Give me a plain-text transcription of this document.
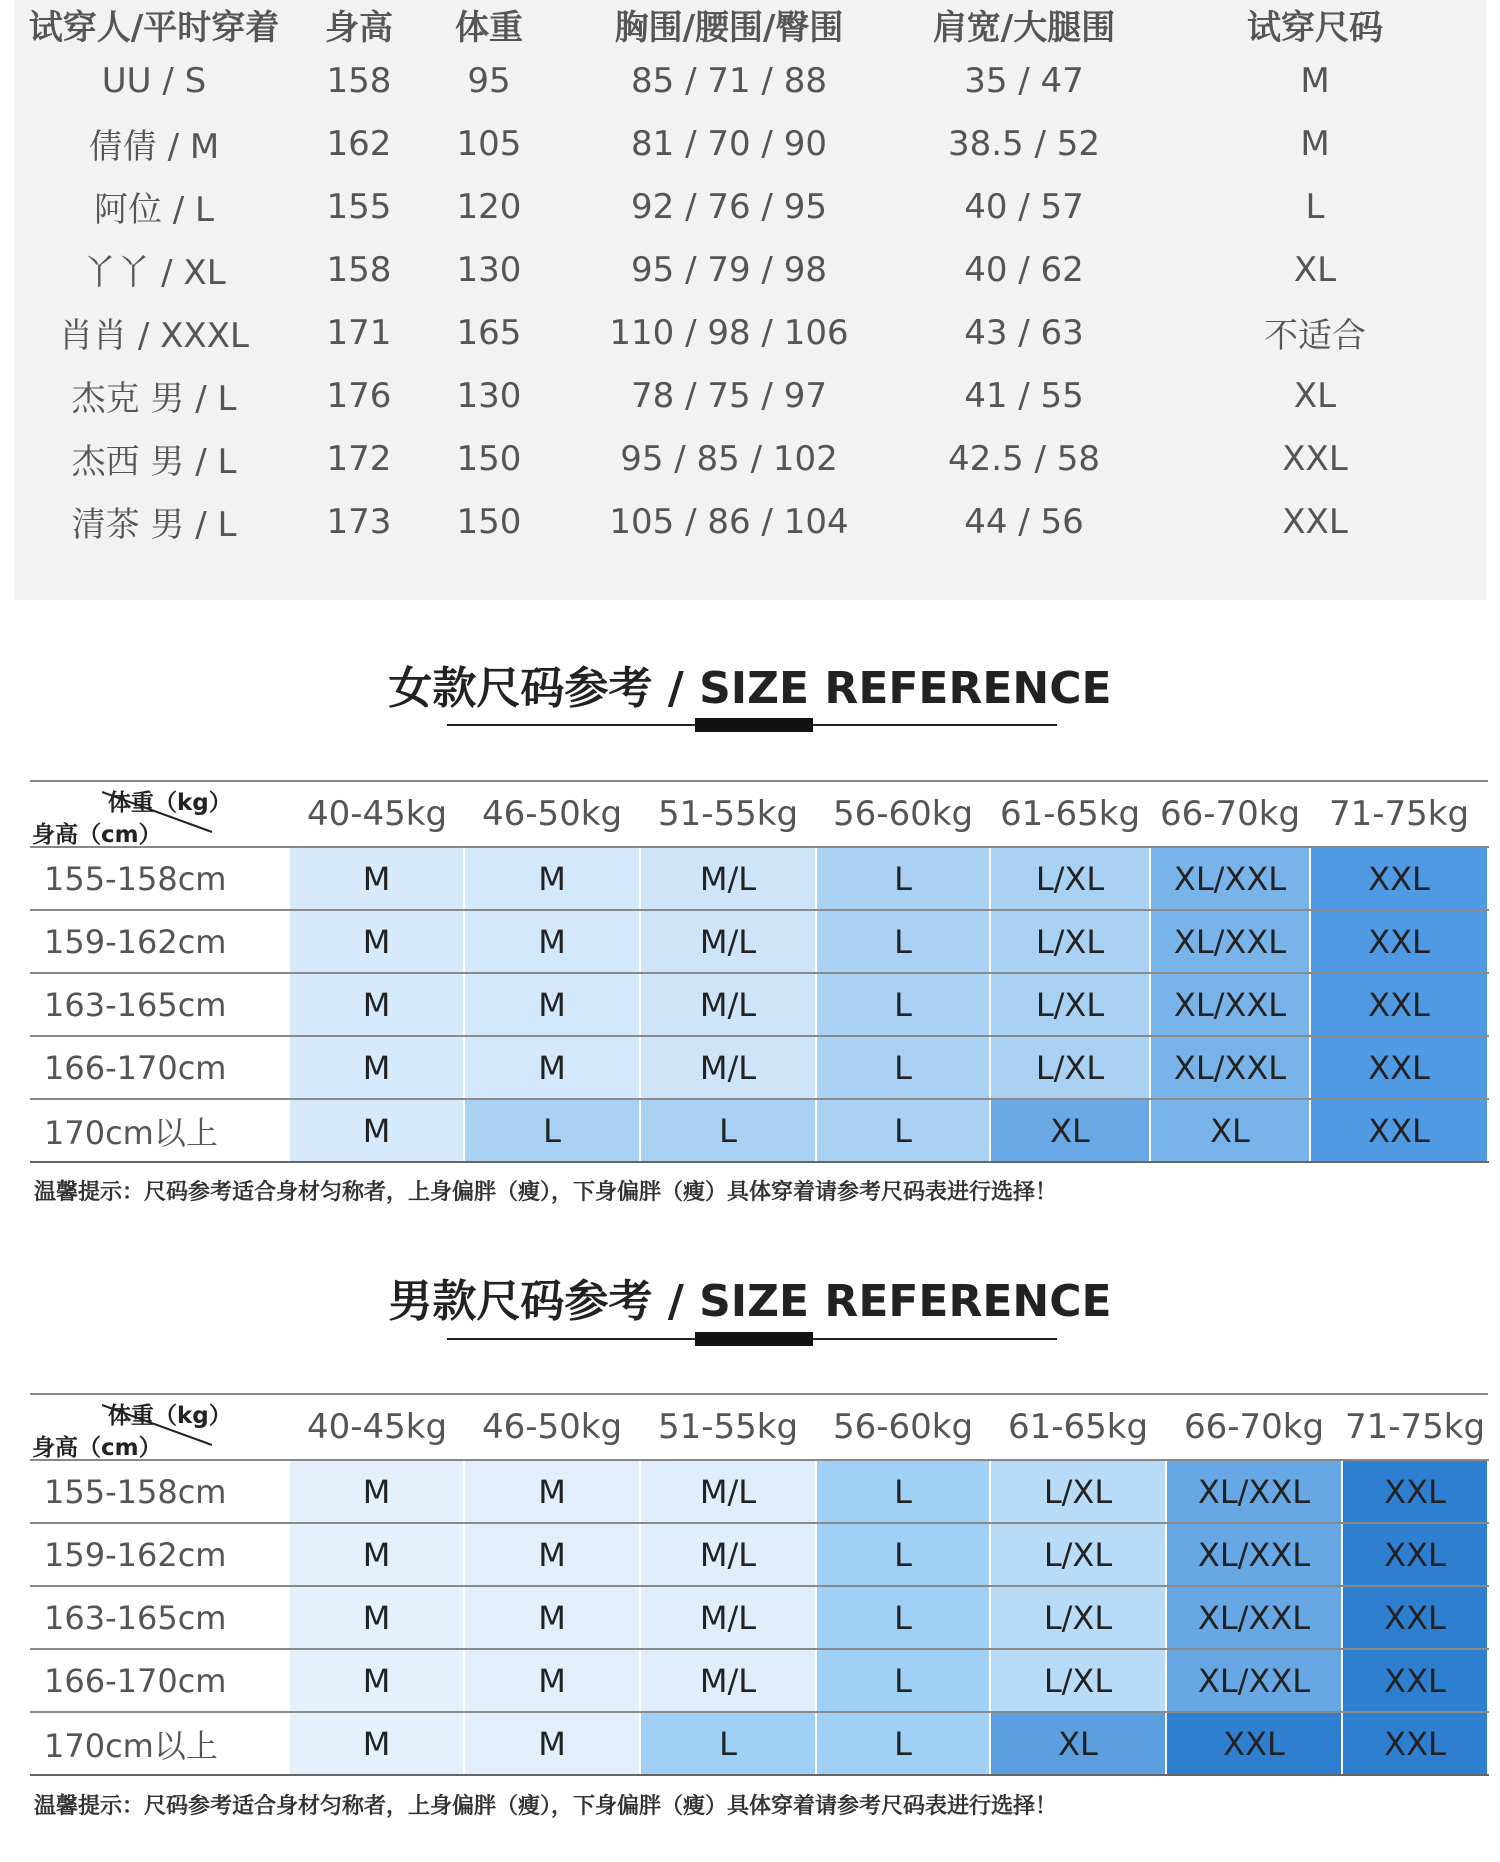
试穿人/平时穿着	身高	体重	胸围/腰围/臀围	肩宽/大腿围	试穿尺码
UU / S	158	95	85 / 71 / 88	35 / 47	M
倩倩 / M	162	105	81 / 70 / 90	38.5 / 52	M
阿位 / L	155	120	92 / 76 / 95	40 / 57	L
丫丫 / XL	158	130	95 / 79 / 98	40 / 62	XL
肖肖 / XXXL	171	165	110 / 98 / 106	43 / 63	不适合
杰克 男 / L	176	130	78 / 75 / 97	41 / 55	XL
杰西 男 / L	172	150	95 / 85 / 102	42.5 / 58	XXL
清茶 男 / L	173	150	105 / 86 / 104	44 / 56	XXL
女款尺码参考 / SIZE REFERENCE
体重（kg）
身高（cm）	40-45kg	46-50kg	51-55kg	56-60kg	61-65kg	66-70kg	71-75kg
155-158cm	M	M	M/L	L	L/XL	XL/XXL	XXL
159-162cm	M	M	M/L	L	L/XL	XL/XXL	XXL
163-165cm	M	M	M/L	L	L/XL	XL/XXL	XXL
166-170cm	M	M	M/L	L	L/XL	XL/XXL	XXL
170cm以上	M	L	L	L	XL	XL	XXL
温馨提示：尺码参考适合身材匀称者，上身偏胖（瘦），下身偏胖（瘦）具体穿着请参考尺码表进行选择！
男款尺码参考 / SIZE REFERENCE
体重（kg）
身高（cm）	40-45kg	46-50kg	51-55kg	56-60kg	61-65kg	66-70kg	71-75kg
155-158cm	M	M	M/L	L	L/XL	XL/XXL	XXL
159-162cm	M	M	M/L	L	L/XL	XL/XXL	XXL
163-165cm	M	M	M/L	L	L/XL	XL/XXL	XXL
166-170cm	M	M	M/L	L	L/XL	XL/XXL	XXL
170cm以上	M	M	L	L	XL	XXL	XXL
温馨提示：尺码参考适合身材匀称者，上身偏胖（瘦），下身偏胖（瘦）具体穿着请参考尺码表进行选择！
